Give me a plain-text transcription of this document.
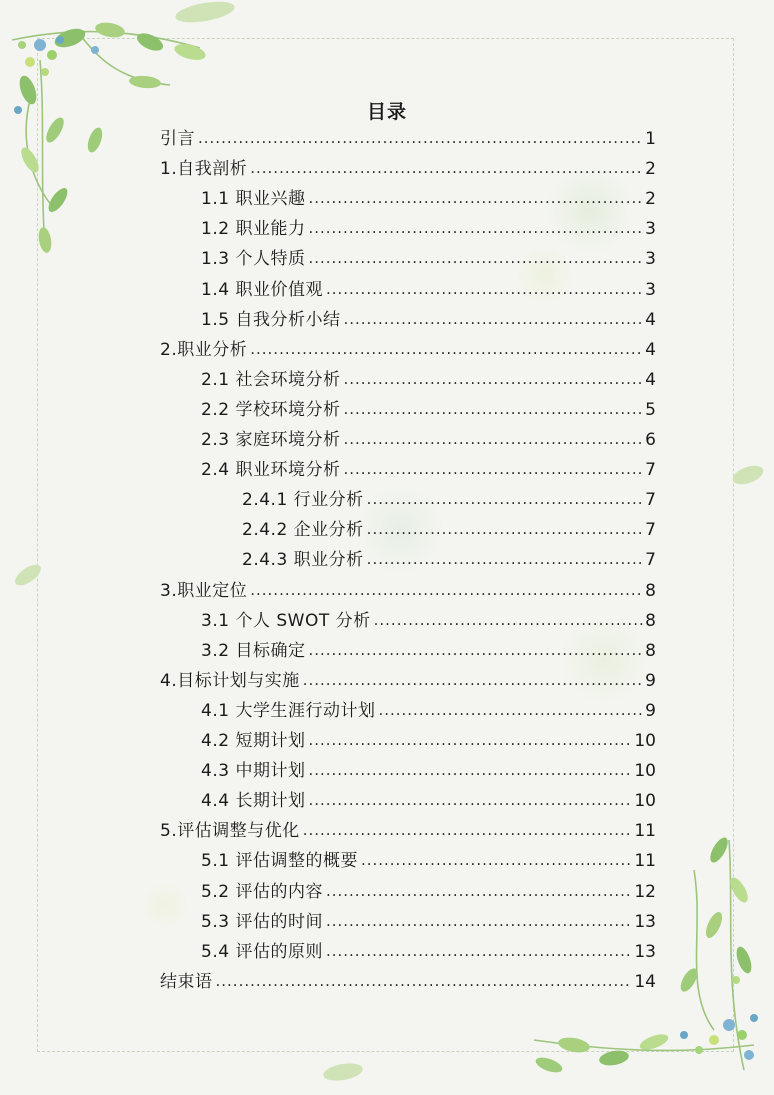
目录
引言 .....	1
1.自我剖析 .....	2
1.1 职业兴趣 .....	2
1.2 职业能力 .....	3
1.3 个人特质 .....	3
1.4 职业价值观 .....	3
1.5 自我分析小结 .....	4
2.职业分析 .....	4
2.1 社会环境分析 .....	4
2.2 学校环境分析 .....	5
2.3 家庭环境分析 .....	6
2.4 职业环境分析 .....	7
2.4.1 行业分析 .....	7
2.4.2 企业分析 .....	7
2.4.3 职业分析 .....	7
3.职业定位 .....	8
3.1 个人 SWOT 分析 .....	8
3.2 目标确定 .....	8
4.目标计划与实施 .....	9
4.1 大学生涯行动计划 .....	9
4.2 短期计划 .....	10
4.3 中期计划 .....	10
4.4 长期计划 .....	10
5.评估调整与优化 .....	11
5.1 评估调整的概要 .....	11
5.2 评估的内容 .....	12
5.3 评估的时间 .....	13
5.4 评估的原则 .....	13
结束语 .....	14
